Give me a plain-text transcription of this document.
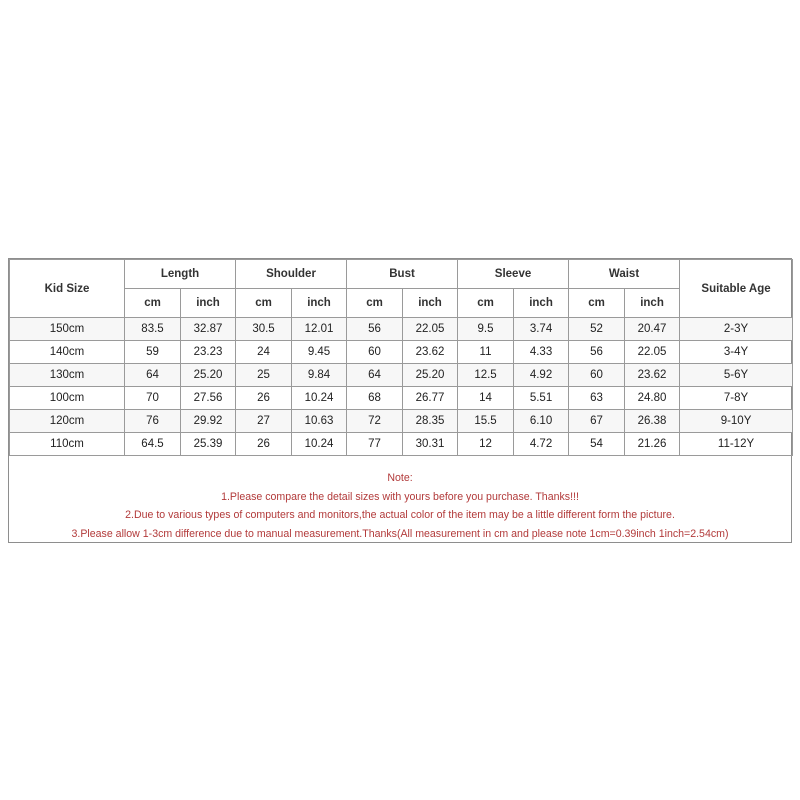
Kid Size	Length		Shoulder		Bust		Sleeve		Waist		Suitable Age
	cm	inch	cm	inch	cm	inch	cm	inch	cm	inch	
150cm	83.5	32.87	30.5	12.01	56	22.05	9.5	3.74	52	20.47	2-3Y
140cm	59	23.23	24	9.45	60	23.62	11	4.33	56	22.05	3-4Y
130cm	64	25.20	25	9.84	64	25.20	12.5	4.92	60	23.62	5-6Y
100cm	70	27.56	26	10.24	68	26.77	14	5.51	63	24.80	7-8Y
120cm	76	29.92	27	10.63	72	28.35	15.5	6.10	67	26.38	9-10Y
110cm	64.5	25.39	26	10.24	77	30.31	12	4.72	54	21.26	11-12Y
Note:
1.Please compare the detail sizes with yours before you purchase. Thanks!!!
2.Due to various types of computers and monitors,the actual color of the item may be a little different form the picture.
3.Please allow 1-3cm difference due to manual measurement.Thanks(All measurement in cm and please note 1cm=0.39inch 1inch=2.54cm)
